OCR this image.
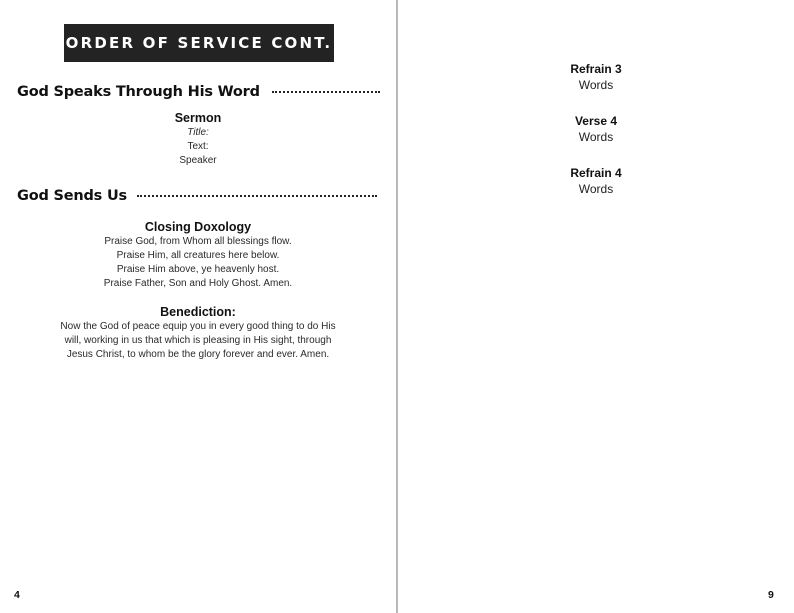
ORDER OF SERVICE CONT.
God Speaks Through His Word
Sermon
Title:
Text:
Speaker
God Sends Us
Closing Doxology
Praise God, from Whom all blessings flow.
Praise Him, all creatures here below.
Praise Him above, ye heavenly host.
Praise Father, Son and Holy Ghost. Amen.
Benediction:
Now the God of peace equip you in every good thing to do His
will, working in us that which is pleasing in His sight, through
Jesus Christ, to whom be the glory forever and ever. Amen.
4
Refrain 3
Words
Verse 4
Words
Refrain 4
Words
9
